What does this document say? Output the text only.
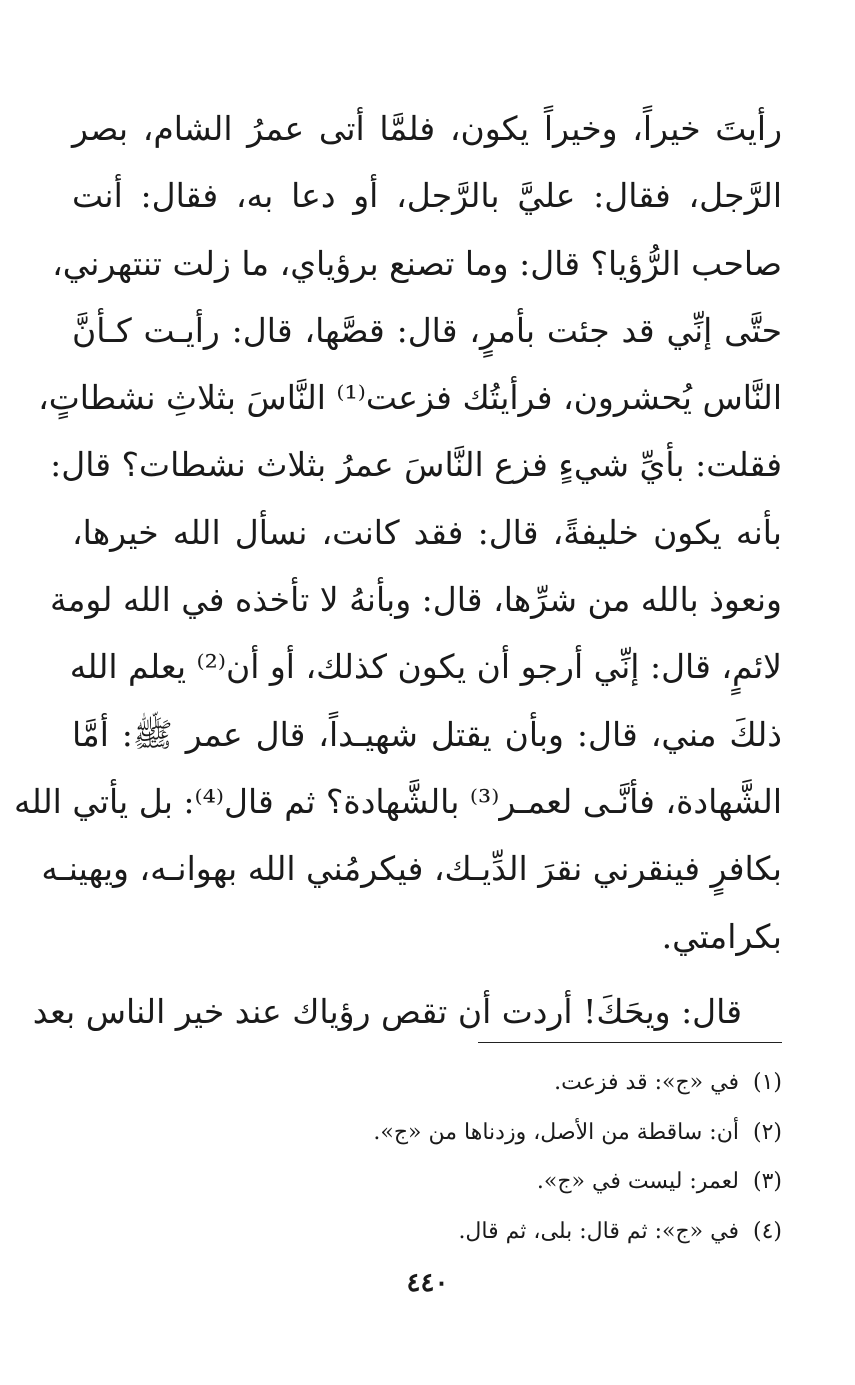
رأيتَ خيراً، وخيراً يكون، فلمَّا أتى عمرُ الشام، بصر
الرَّجل، فقال: عليَّ بالرَّجل، أو دعا به، فقال: أنت
صاحب الرُّؤيا؟ قال: وما تصنع برؤياي، ما زلت تنتهرني،
حتَّى إنِّي قد جئت بأمرٍ، قال: قصَّها، قال: رأيـت كـأنَّ
النَّاس يُحشرون، فرأيتُك فزعت⁽¹⁾ النَّاسَ بثلاثِ نشطاتٍ،
فقلت: بأيِّ شيءٍ فزع النَّاسَ عمرُ بثلاث نشطات؟ قال:
بأنه يكون خليفةً، قال: فقد كانت، نسأل الله خيرها،
ونعوذ بالله من شرِّها، قال: وبأنهُ لا تأخذه في الله لومة
لائمٍ، قال: إنِّي أرجو أن يكون كذلك، أو أن⁽²⁾ يعلم الله
ذلكَ مني، قال: وبأن يقتل شهيـداً، قال عمر ﷺ: أمَّا
الشَّهادة، فأنَّـى لعمـر⁽³⁾ بالشَّهادة؟ ثم قال⁽⁴⁾: بل يأتي الله
بكافرٍ فينقرني نقرَ الدِّيـك، فيكرمُني الله بهوانـه، ويهينـه
بكرامتي.
قال: ويحَكَ! أردت أن تقص رؤياك عند خير الناس بعد
(١)في «ج»: قد فزعت.
(٢)أن: ساقطة من الأصل، وزدناها من «ج».
(٣)لعمر: ليست في «ج».
(٤)في «ج»: ثم قال: بلى، ثم قال.
٤٤٠
